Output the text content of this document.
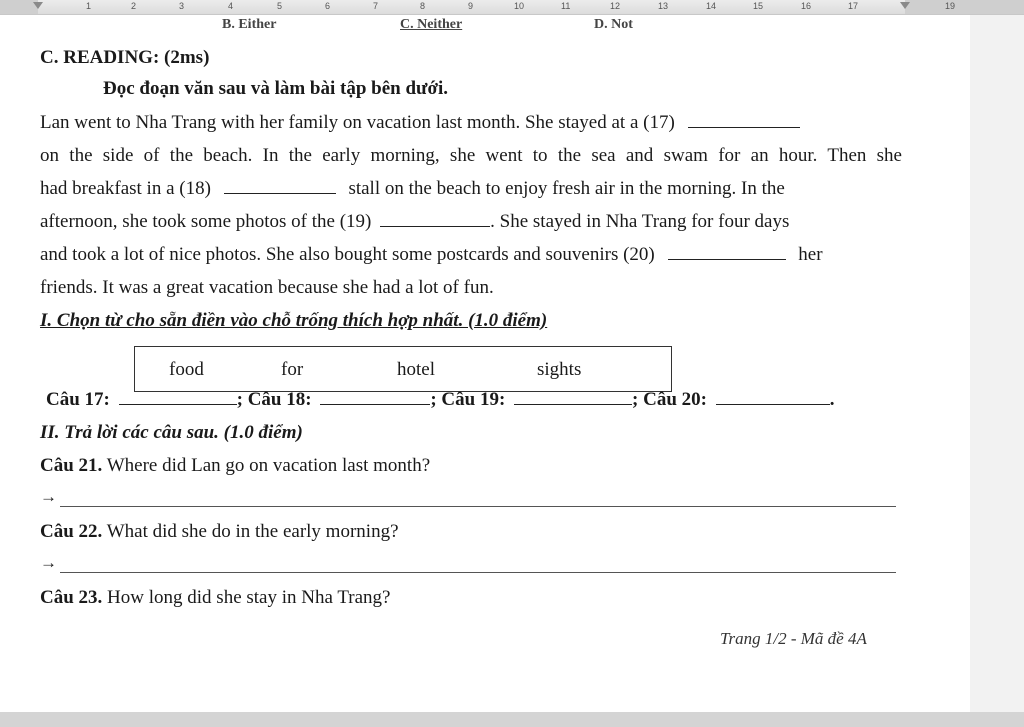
1	2	3	4	5	6	7	8	9	10	11	12	13	14	15	16	17	19
B. Either	C. Neither	D. Not
C. READING: (2ms)
Đọc đoạn văn sau và làm bài tập bên dưới.
Lan went to Nha Trang with her family on vacation last month. She stayed at a (17)
on the side of the beach. In the early morning, she went to the sea and swam for an hour. Then she
had breakfast in a (18)	stall on the beach to enjoy fresh air in the morning. In the
afternoon, she took some photos of the (19)	. She stayed in Nha Trang for four days
and took a lot of nice photos. She also bought some postcards and souvenirs (20)	her
friends. It was a great vacation because she had a lot of fun.
I. Chọn từ cho sẵn điền vào chỗ trống thích hợp nhất. (1.0 điểm)
food	for	hotel	sights
Câu 17:	; Câu 18:	; Câu 19:	; Câu 20:	.
II. Trả lời các câu sau. (1.0 điểm)
Câu 21. Where did Lan go on vacation last month?
→
Câu 22. What did she do in the early morning?
→
Câu 23. How long did she stay in Nha Trang?
Trang 1/2 - Mã đề 4A
